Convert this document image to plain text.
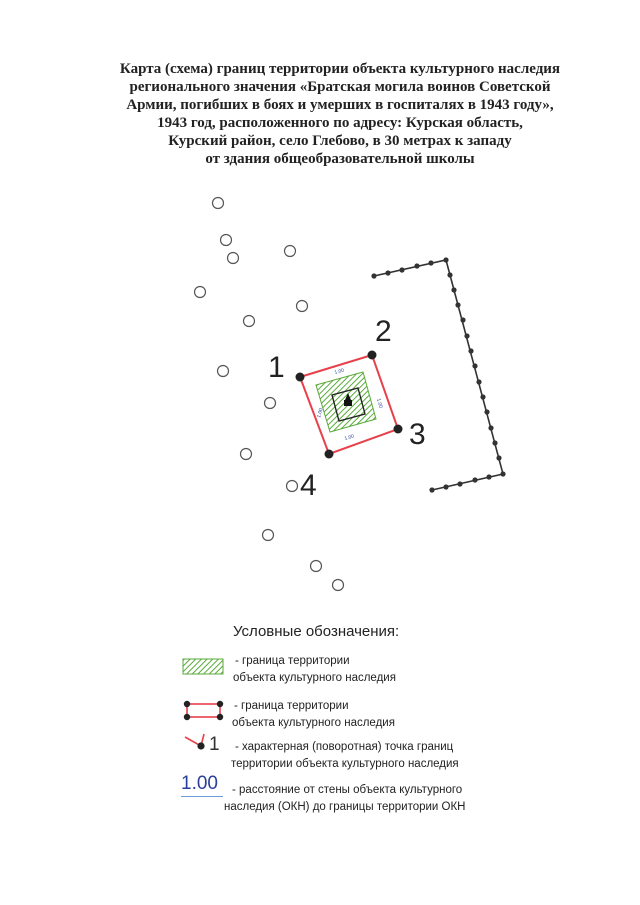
Карта (схема) границ территории объекта культурного наследия
регионального значения «Братская могила воинов Советской
Армии, погибших в боях и умерших в госпиталях в 1943 году»,
1943 год, расположенного по адресу: Курская область,
Курский район, село Глебово, в 30 метрах к западу
от здания общеобразовательной школы
1.00
1.00
1.00
1.00
1
2
3
4
Условные обозначения:
- граница территории
объекта культурного наследия
- граница территории
объекта культурного наследия
1	- характерная (поворотная) точка границ
территории объекта культурного наследия
1.00	- расстояние от стены объекта культурного
наследия (ОКН) до границы территории ОКН
